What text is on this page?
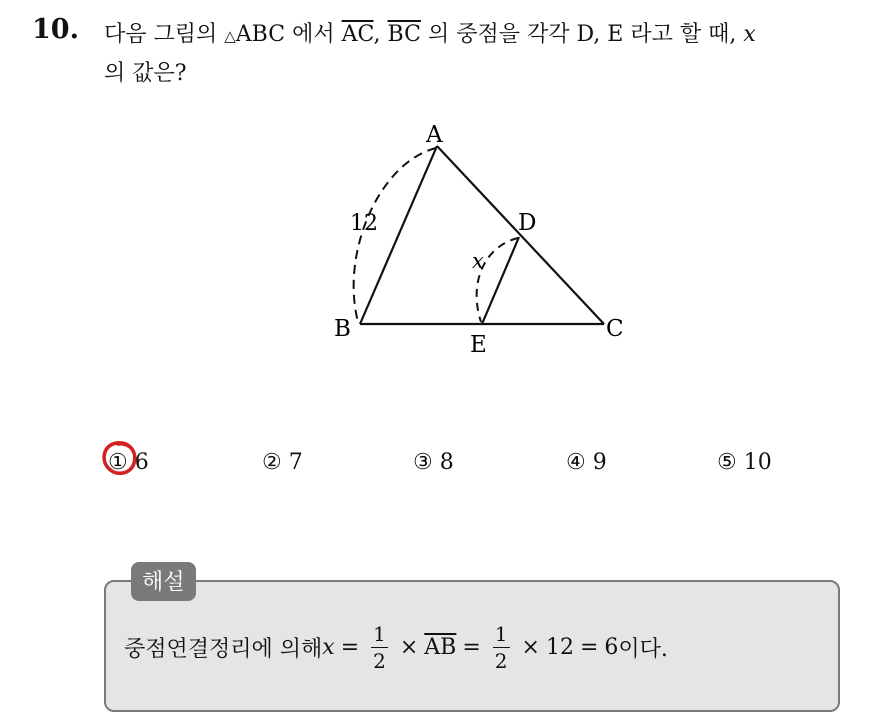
10. 다음 그림의 △ABC 에서 $\overline{AC}$, $\overline{BC}$ 의 중점을 각각 D, E 라고 할 때, x
의 값은?
A
B	C
D
E
12
x
① 6	② 7	③ 8	④ 9	⑤ 10
해설
중점연결정리에 의해 $x = \frac{1}{2} \times \overline{AB} = \frac{1}{2} \times 12 = 6$ 이다.
